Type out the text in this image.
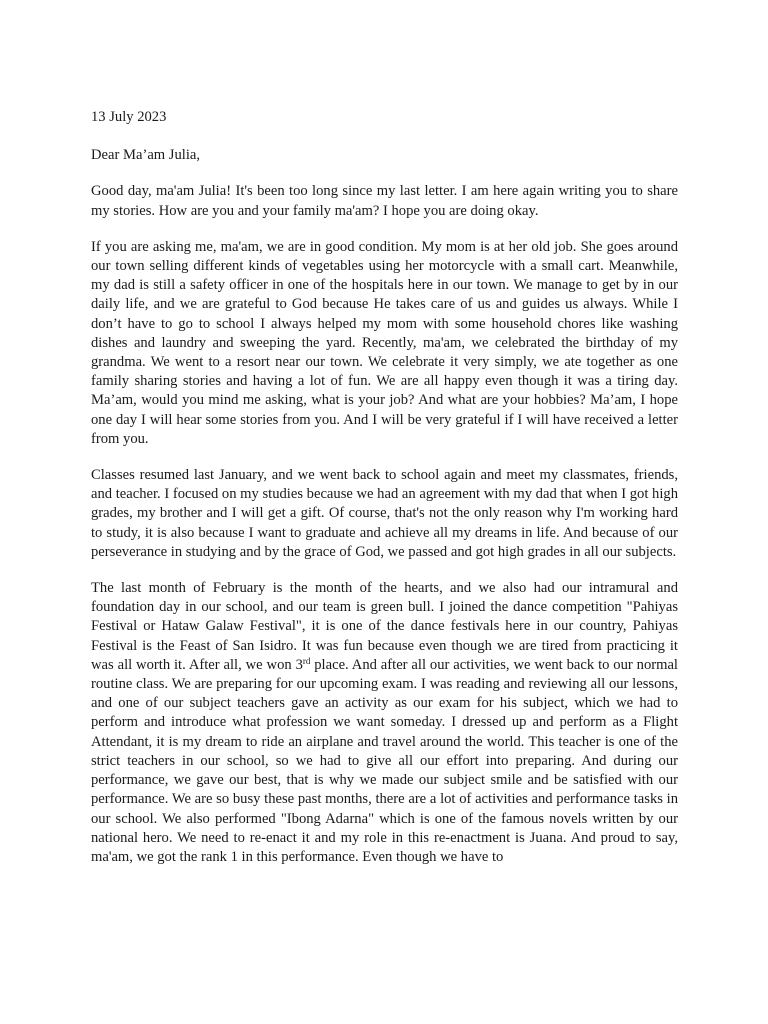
13 July 2023
Dear Ma’am Julia,

Good day, ma'am Julia! It's been too long since my last letter. I am here again writing you to share my stories. How are you and your family ma'am? I hope you are doing okay.

If you are asking me, ma'am, we are in good condition. My mom is at her old job. She goes around our town selling different kinds of vegetables using her motorcycle with a small cart. Meanwhile, my dad is still a safety officer in one of the hospitals here in our town. We manage to get by in our daily life, and we are grateful to God because He takes care of us and guides us always. While I don’t have to go to school I always helped my mom with some household chores like washing dishes and laundry and sweeping the yard. Recently, ma'am, we celebrated the birthday of my grandma. We went to a resort near our town. We celebrate it very simply, we ate together as one family sharing stories and having a lot of fun. We are all happy even though it was a tiring day. Ma’am, would you mind me asking, what is your job? And what are your hobbies? Ma’am, I hope one day I will hear some stories from you. And I will be very grateful if I will have received a letter from you.

Classes resumed last January, and we went back to school again and meet my classmates, friends, and teacher. I focused on my studies because we had an agreement with my dad that when I got high grades, my brother and I will get a gift. Of course, that's not the only reason why I'm working hard to study, it is also because I want to graduate and achieve all my dreams in life. And because of our perseverance in studying and by the grace of God, we passed and got high grades in all our subjects.

The last month of February is the month of the hearts, and we also had our intramural and foundation day in our school, and our team is green bull. I joined the dance competition "Pahiyas Festival or Hataw Galaw Festival", it is one of the dance festivals here in our country, Pahiyas Festival is the Feast of San Isidro. It was fun because even though we are tired from practicing it was all worth it. After all, we won 3rd place. And after all our activities, we went back to our normal routine class. We are preparing for our upcoming exam. I was reading and reviewing all our lessons, and one of our subject teachers gave an activity as our exam for his subject, which we had to perform and introduce what profession we want someday. I dressed up and perform as a Flight Attendant, it is my dream to ride an airplane and travel around the world. This teacher is one of the strict teachers in our school, so we had to give all our effort into preparing. And during our performance, we gave our best, that is why we made our subject smile and be satisfied with our performance. We are so busy these past months, there are a lot of activities and performance tasks in our school. We also performed "Ibong Adarna" which is one of the famous novels written by our national hero. We need to re-enact it and my role in this re-enactment is Juana. And proud to say, ma'am, we got the rank 1 in this performance. Even though we have to
